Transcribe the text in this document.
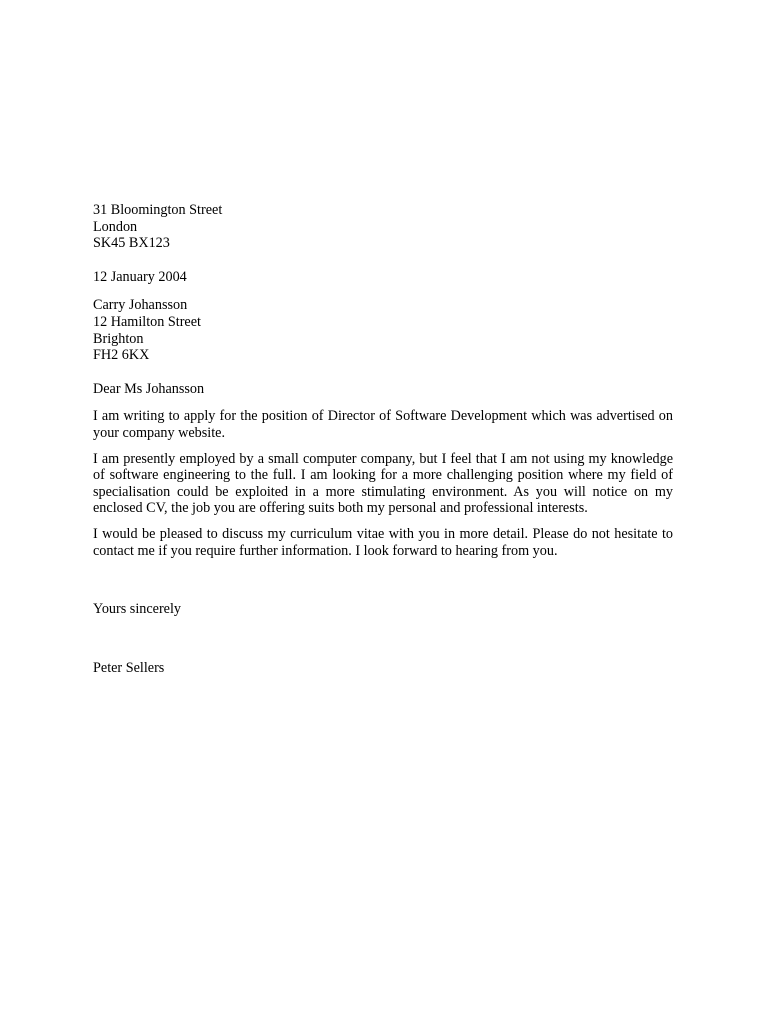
31 Bloomington Street
London
SK45 BX123
12 January 2004
Carry Johansson
12 Hamilton Street
Brighton
FH2 6KX
Dear Ms Johansson

I am writing to apply for the position of Director of Software Development which was advertised on your company website.

I am presently employed by a small computer company, but I feel that I am not using my knowledge of software engineering to the full. I am looking for a more challenging position where my field of specialisation could be exploited in a more stimulating environment. As you will notice on my enclosed CV, the job you are offering suits both my personal and professional interests.

I would be pleased to discuss my curriculum vitae with you in more detail. Please do not hesitate to contact me if you require further information. I look forward to hearing from you.

Yours sincerely
Peter Sellers
